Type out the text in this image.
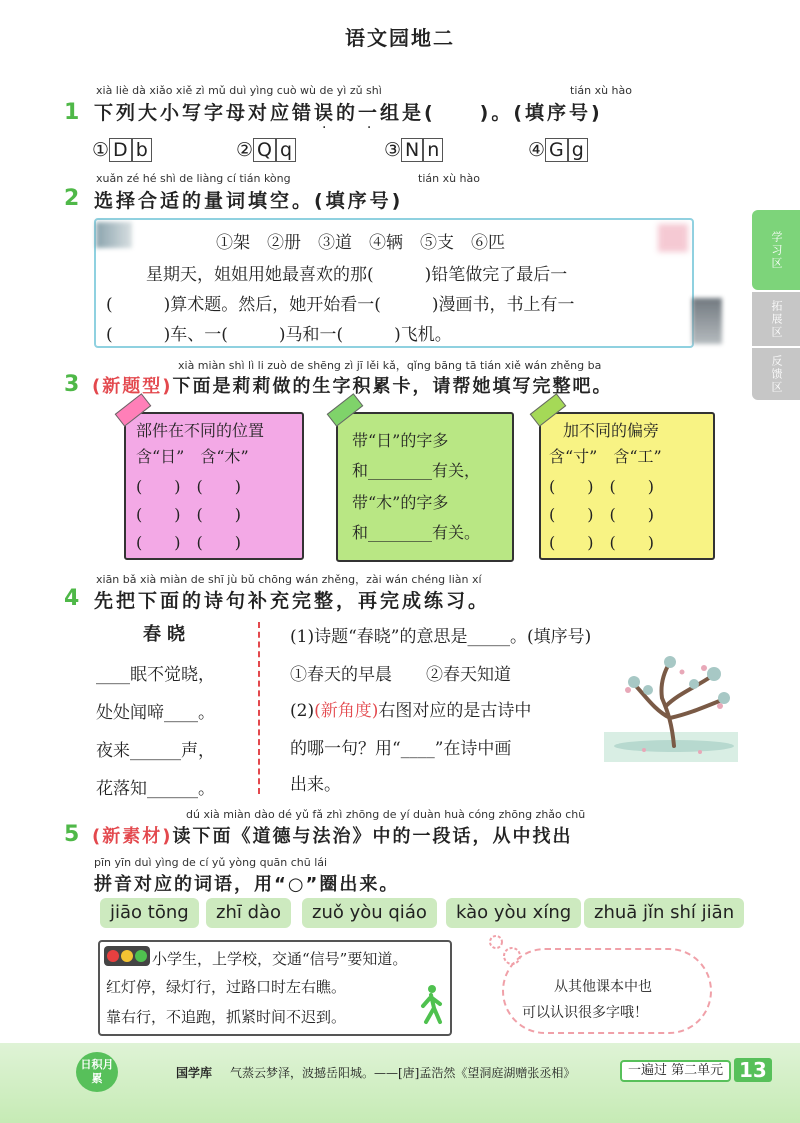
语文园地二
1
xià liè dà xiǎo xiě zì mǔ duì yìng cuò wù de yì zǔ shì	tián xù hào
下列大小写字母对应错误的一组是(　　)。(填序号)
· ·
① D b	② Q q	③ N n	④ G g
2
xuǎn zé hé shì de liàng cí tián kòng	tián xù hào
选择合适的量词填空。(填序号)
①架　②册　③道　④辆　⑤支　⑥匹
星期天，姐姐用她最喜欢的那(　　　)铅笔做完了最后一
(　　　)算术题。然后，她开始看一(　　　)漫画书，书上有一
(　　　)车、一(　　　)马和一(　　　)飞机。
3
xià miàn shì lì li zuò de shēng zì jī lěi kǎ，qǐng bāng tā tián xiě wán zhěng ba
(新题型)下面是莉莉做的生字积累卡，请帮她填写完整吧。
部件在不同的位置
含“日”　含“木”
(　　)　(　　)
(　　)　(　　)
(　　)　(　　)
带“日”的字多
和________有关，
带“木”的字多
和________有关。
加不同的偏旁
含“寸”　含“工”
(　　)　(　　)
(　　)　(　　)
(　　)　(　　)
4
xiān bǎ xià miàn de shī jù bǔ chōng wán zhěng，zài wán chéng liàn xí
先把下面的诗句补充完整，再完成练习。
春晓
____眠不觉晓，
处处闻啼____。
夜来______声，
花落知______。
(1)诗题“春晓”的意思是_____。(填序号)
①春天的早晨　　②春天知道
(2)(新角度)右图对应的是古诗中
的哪一句？用“____”在诗中画
出来。
5
dú xià miàn dào dé yǔ fǎ zhì zhōng de yí duàn huà cóng zhōng zhǎo chū
(新素材)读下面《道德与法治》中的一段话，从中找出
pīn yīn duì yìng de cí yǔ yòng quān chū lái
拼音对应的词语，用“○”圈出来。
jiāo tōng	zhī dào	zuǒ yòu qiáo	kào yòu xíng	zhuā jǐn shí jiān
小学生，上学校，交通“信号”要知道。
红灯停，绿灯行，过路口时左右瞧。
靠右行，不追跑，抓紧时间不迟到。
从其他课本中也
可以认识很多字哦！
学习区
拓展区
反馈区
日积月累	国学库 气蒸云梦泽，波撼岳阳城。——[唐]孟浩然《望洞庭湖赠张丞相》	一遍过 第二单元 13
